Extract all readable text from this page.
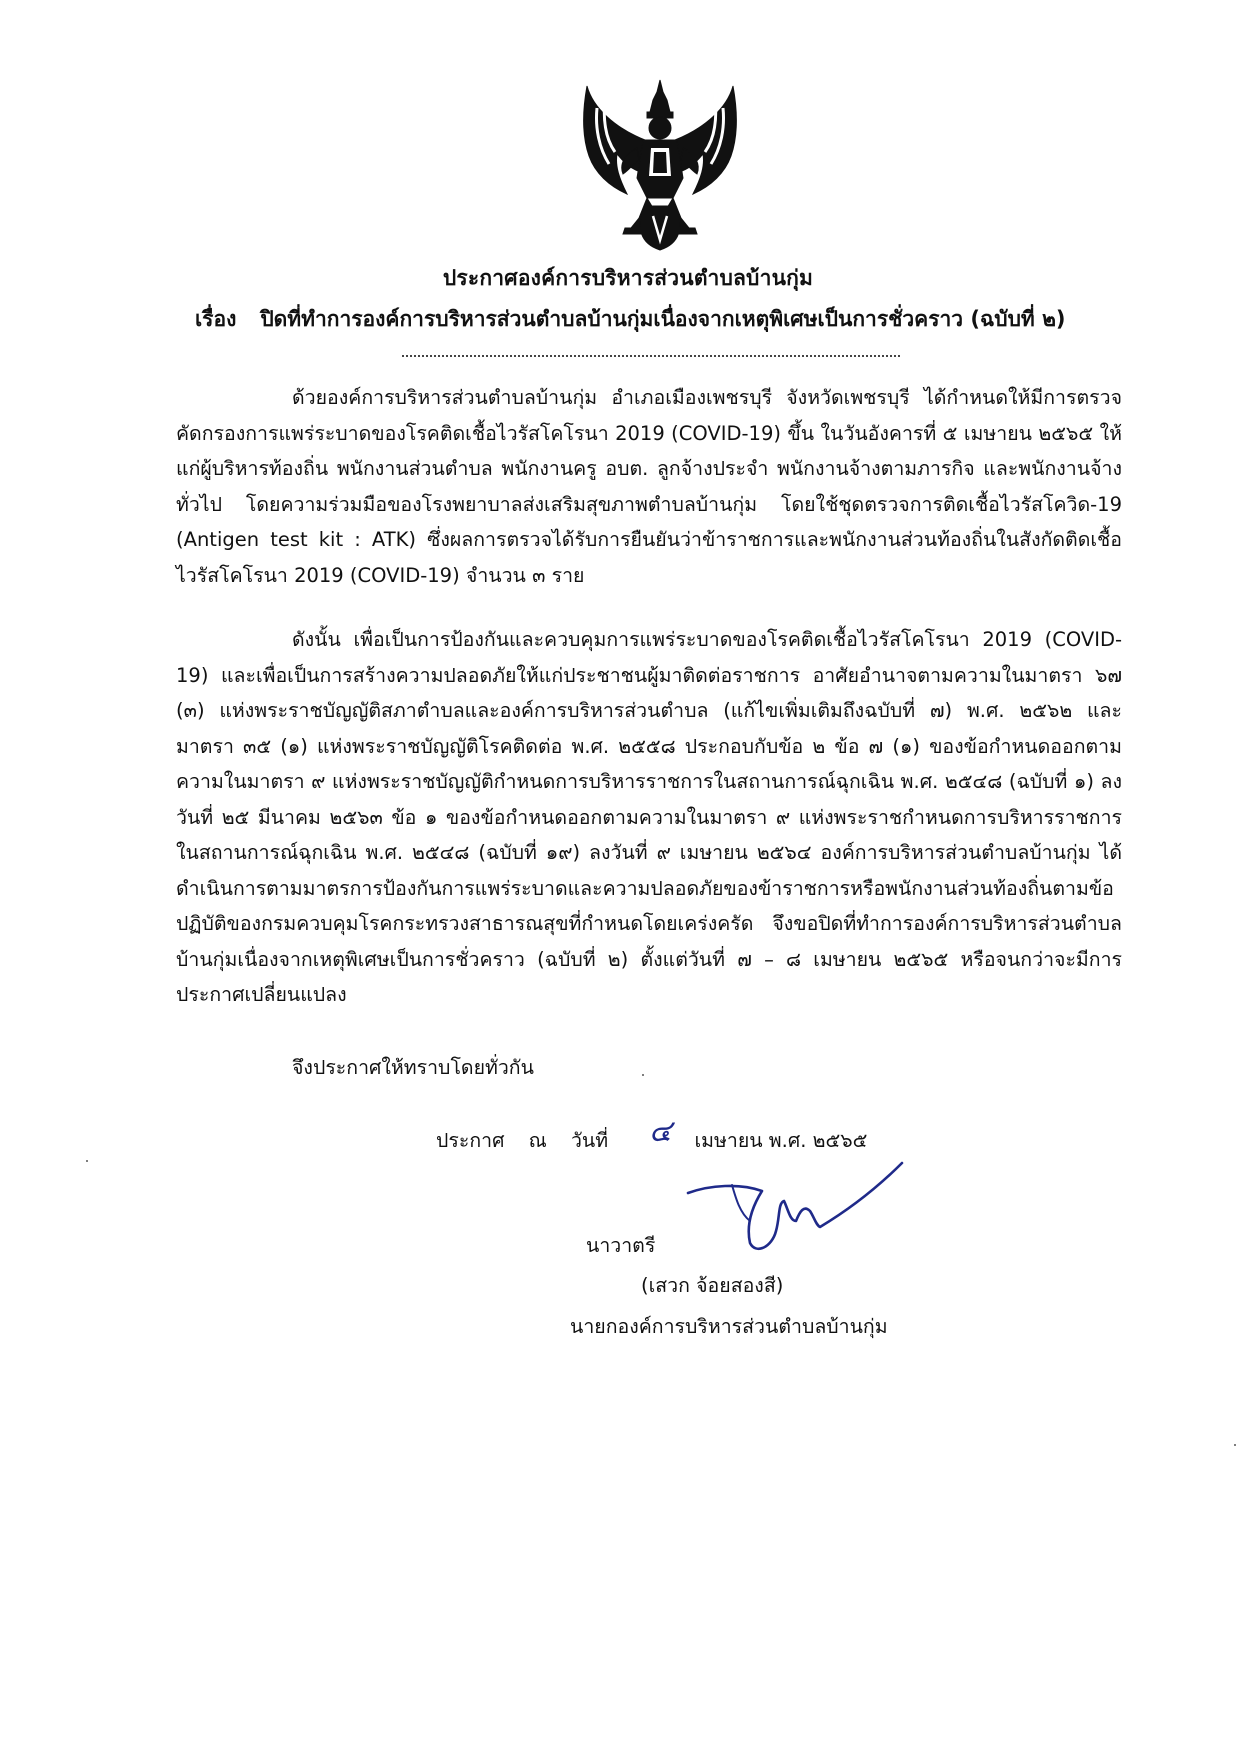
ประกาศองค์การบริหารส่วนตำบลบ้านกุ่ม
เรื่อง ปิดที่ทำการองค์การบริหารส่วนตำบลบ้านกุ่มเนื่องจากเหตุพิเศษเป็นการชั่วคราว (ฉบับที่ ๒)
ด้วยองค์การบริหารส่วนตำบลบ้านกุ่ม อำเภอเมืองเพชรบุรี จังหวัดเพชรบุรี ได้กำหนดให้มีการตรวจคัดกรองการแพร่ระบาดของโรคติดเชื้อไวรัสโคโรนา 2019 (COVID-19) ขึ้น ในวันอังคารที่ ๕ เมษายน ๒๕๖๕ ให้แก่ผู้บริหารท้องถิ่น พนักงานส่วนตำบล พนักงานครู อบต. ลูกจ้างประจำ พนักงานจ้างตามภารกิจ และพนักงานจ้างทั่วไป โดยความร่วมมือของโรงพยาบาลส่งเสริมสุขภาพตำบลบ้านกุ่ม โดยใช้ชุดตรวจการติดเชื้อไวรัสโควิด-19 (Antigen test kit : ATK) ซึ่งผลการตรวจได้รับการยืนยันว่าข้าราชการและพนักงานส่วนท้องถิ่นในสังกัดติดเชื้อไวรัสโคโรนา 2019 (COVID-19) จำนวน ๓ ราย
ดังนั้น เพื่อเป็นการป้องกันและควบคุมการแพร่ระบาดของโรคติดเชื้อไวรัสโคโรนา 2019 (COVID-19) และเพื่อเป็นการสร้างความปลอดภัยให้แก่ประชาชนผู้มาติดต่อราชการ อาศัยอำนาจตามความในมาตรา ๖๗ (๓) แห่งพระราชบัญญัติสภาตำบลและองค์การบริหารส่วนตำบล (แก้ไขเพิ่มเติมถึงฉบับที่ ๗) พ.ศ. ๒๕๖๒ และมาตรา ๓๕ (๑) แห่งพระราชบัญญัติโรคติดต่อ พ.ศ. ๒๕๕๘ ประกอบกับข้อ ๒ ข้อ ๗ (๑) ของข้อกำหนดออกตามความในมาตรา ๙ แห่งพระราชบัญญัติกำหนดการบริหารราชการในสถานการณ์ฉุกเฉิน พ.ศ. ๒๕๔๘ (ฉบับที่ ๑) ลงวันที่ ๒๕ มีนาคม ๒๕๖๓ ข้อ ๑ ของข้อกำหนดออกตามความในมาตรา ๙ แห่งพระราชกำหนดการบริหารราชการในสถานการณ์ฉุกเฉิน พ.ศ. ๒๕๔๘ (ฉบับที่ ๑๙) ลงวันที่ ๙ เมษายน ๒๕๖๔ องค์การบริหารส่วนตำบลบ้านกุ่ม ได้ดำเนินการตามมาตรการป้องกันการแพร่ระบาดและความปลอดภัยของข้าราชการหรือพนักงานส่วนท้องถิ่นตามข้อปฏิบัติของกรมควบคุมโรคกระทรวงสาธารณสุขที่กำหนดโดยเคร่งครัด จึงขอปิดที่ทำการองค์การบริหารส่วนตำบลบ้านกุ่มเนื่องจากเหตุพิเศษเป็นการชั่วคราว (ฉบับที่ ๒) ตั้งแต่วันที่ ๗ – ๘ เมษายน ๒๕๖๕ หรือจนกว่าจะมีการประกาศเปลี่ยนแปลง
จึงประกาศให้ทราบโดยทั่วกัน
ประกาศ ณ วันที่ ๔ เมษายน พ.ศ. ๒๕๖๕
นาวาตรี
(เสวก จ้อยสองสี)
นายกองค์การบริหารส่วนตำบลบ้านกุ่ม
